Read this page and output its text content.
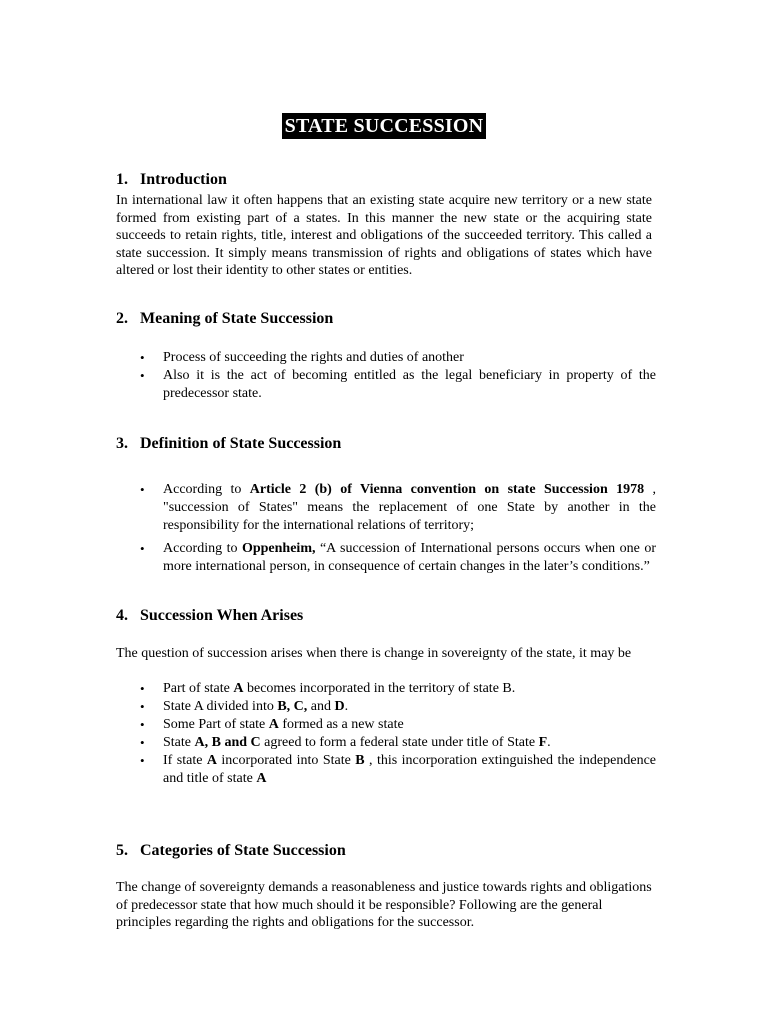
STATE SUCCESSION
1. Introduction

In international law it often happens that an existing state acquire new territory or a new state formed from existing part of a states. In this manner the new state or the acquiring state succeeds to retain rights, title, interest and obligations of the succeeded territory. This called a state succession. It simply means transmission of rights and obligations of states which have altered or lost their identity to other states or entities.

2. Meaning of State Succession
• Process of succeeding the rights and duties of another
• Also it is the act of becoming entitled as the legal beneficiary in property of the predecessor state.
3. Definition of State Succession
• According to Article 2 (b) of Vienna convention on state Succession 1978 , "succession of States" means the replacement of one State by another in the responsibility for the international relations of territory;
• According to Oppenheim, “A succession of International persons occurs when one or more international person, in consequence of certain changes in the later’s conditions.”
4. Succession When Arises

The question of succession arises when there is change in sovereignty of the state, it may be

• Part of state A becomes incorporated in the territory of state B.
• State A divided into B, C, and D.
• Some Part of state A formed as a new state
• State A, B and C agreed to form a federal state under title of State F.
• If state A incorporated into State B , this incorporation extinguished the independence and title of state A
5. Categories of State Succession

The change of sovereignty demands a reasonableness and justice towards rights and obligations of predecessor state that how much should it be responsible? Following are the general principles regarding the rights and obligations for the successor.
